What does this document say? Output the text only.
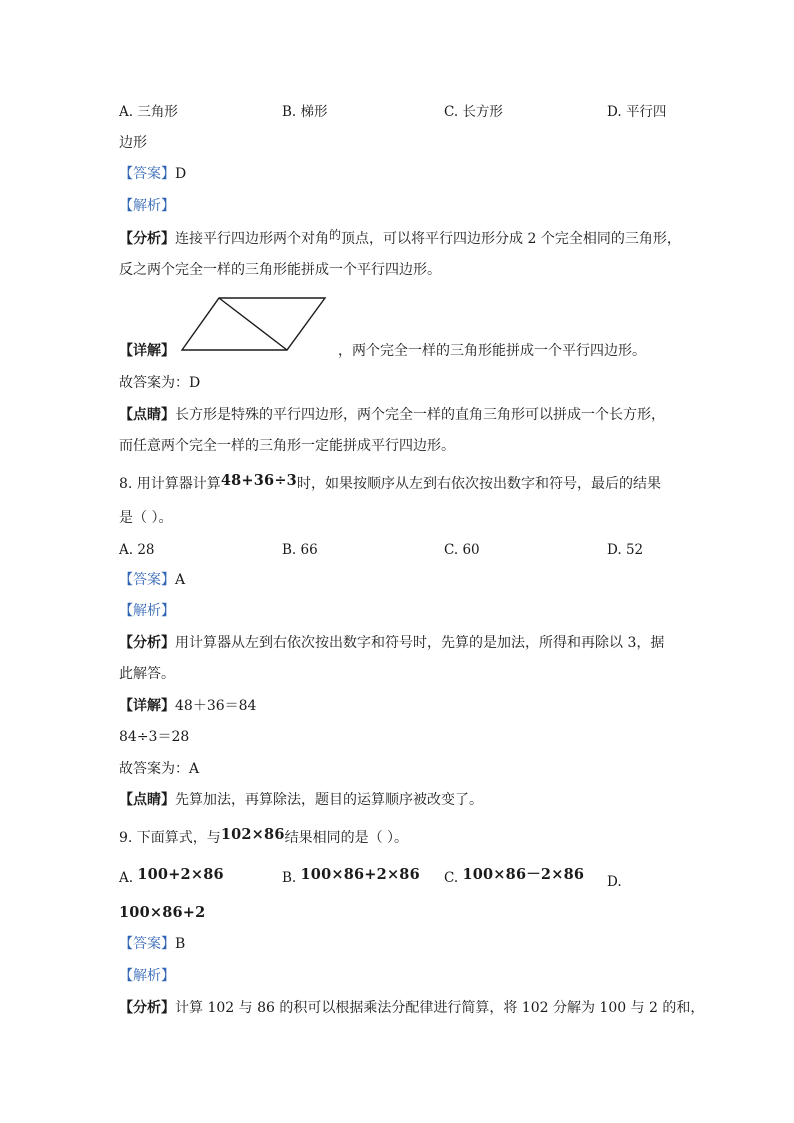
A. 三角形	B. 梯形	C. 长方形	D. 平行四
边形
【答案】D
【解析】
【分析】连接平行四边形两个对角的顶点，可以将平行四边形分成 2 个完全相同的三角形，
反之两个完全一样的三角形能拼成一个平行四边形。
【详解】	，两个完全一样的三角形能拼成一个平行四边形。
故答案为：D
【点睛】长方形是特殊的平行四边形，两个完全一样的直角三角形可以拼成一个长方形，
而任意两个完全一样的三角形一定能拼成平行四边形。
8. 用计算器计算48+36÷3时，如果按顺序从左到右依次按出数字和符号，最后的结果
是（ ）。
A. 28	B. 66	C. 60	D. 52
【答案】A
【解析】
【分析】用计算器从左到右依次按出数字和符号时，先算的是加法，所得和再除以 3，据
此解答。
【详解】48＋36＝84
84÷3＝28
故答案为：A
【点睛】先算加法，再算除法，题目的运算顺序被改变了。
9. 下面算式，与102×86结果相同的是（ ）。
A. 100+2×86	B. 100×86+2×86 C. 100×86－2×86 D.
100×86+2
【答案】B
【解析】
【分析】计算 102 与 86 的积可以根据乘法分配律进行简算，将 102 分解为 100 与 2 的和，
